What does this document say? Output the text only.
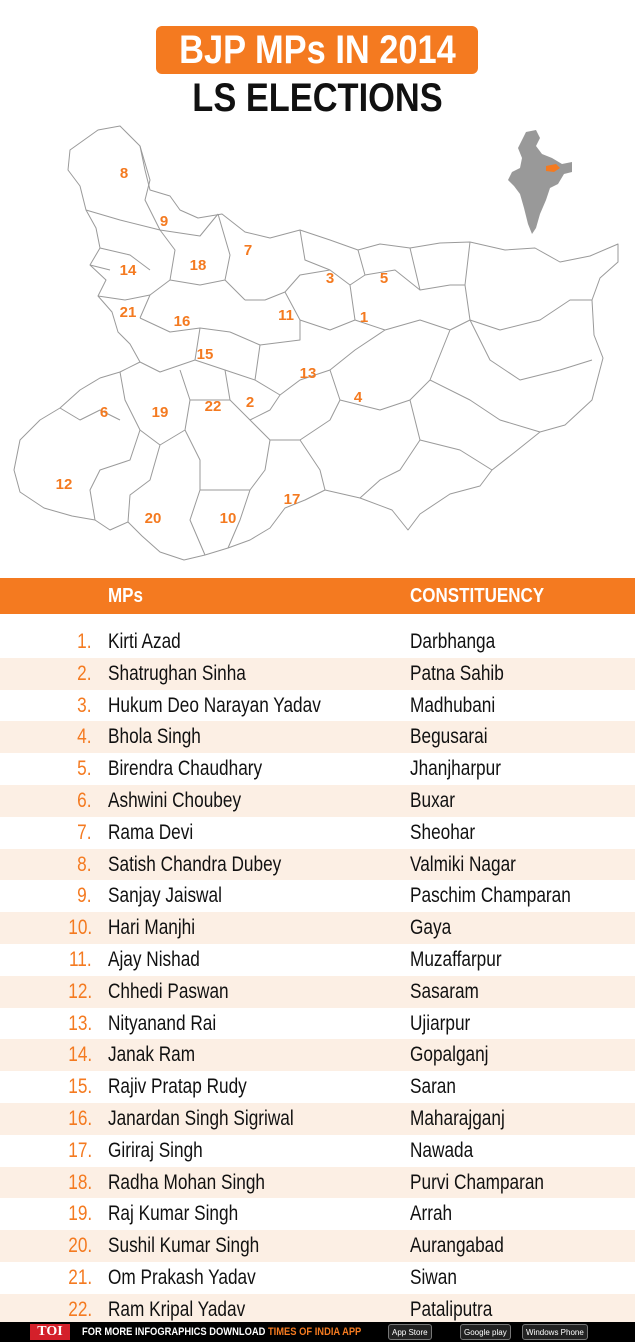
BJP MPs IN 2014
LS ELECTIONS
8
9
7
14	18
3	5
21
16	11	1
15
13
4
6	19 22 2
12
17
20	10
MPs	CONSTITUENCY
1. Kirti Azad	Darbhanga
2. Shatrughan Sinha	Patna Sahib
3. Hukum Deo Narayan Yadav	Madhubani
4. Bhola Singh	Begusarai
5. Birendra Chaudhary	Jhanjharpur
6. Ashwini Choubey	Buxar
7. Rama Devi	Sheohar
8. Satish Chandra Dubey	Valmiki Nagar
9. Sanjay Jaiswal	Paschim Champaran
10. Hari Manjhi	Gaya
11. Ajay Nishad	Muzaffarpur
12. Chhedi Paswan	Sasaram
13. Nityanand Rai	Ujiarpur
14. Janak Ram	Gopalganj
15. Rajiv Pratap Rudy	Saran
16. Janardan Singh Sigriwal	Maharajganj
17. Giriraj Singh	Nawada
18. Radha Mohan Singh	Purvi Champaran
19. Raj Kumar Singh	Arrah
20. Sushil Kumar Singh	Aurangabad
21. Om Prakash Yadav	Siwan
22. Ram Kripal Yadav	Pataliputra
TOI	FOR MORE INFOGRAPHICS DOWNLOAD TIMES OF INDIA APP	App Store	Google play	Windows Phone
